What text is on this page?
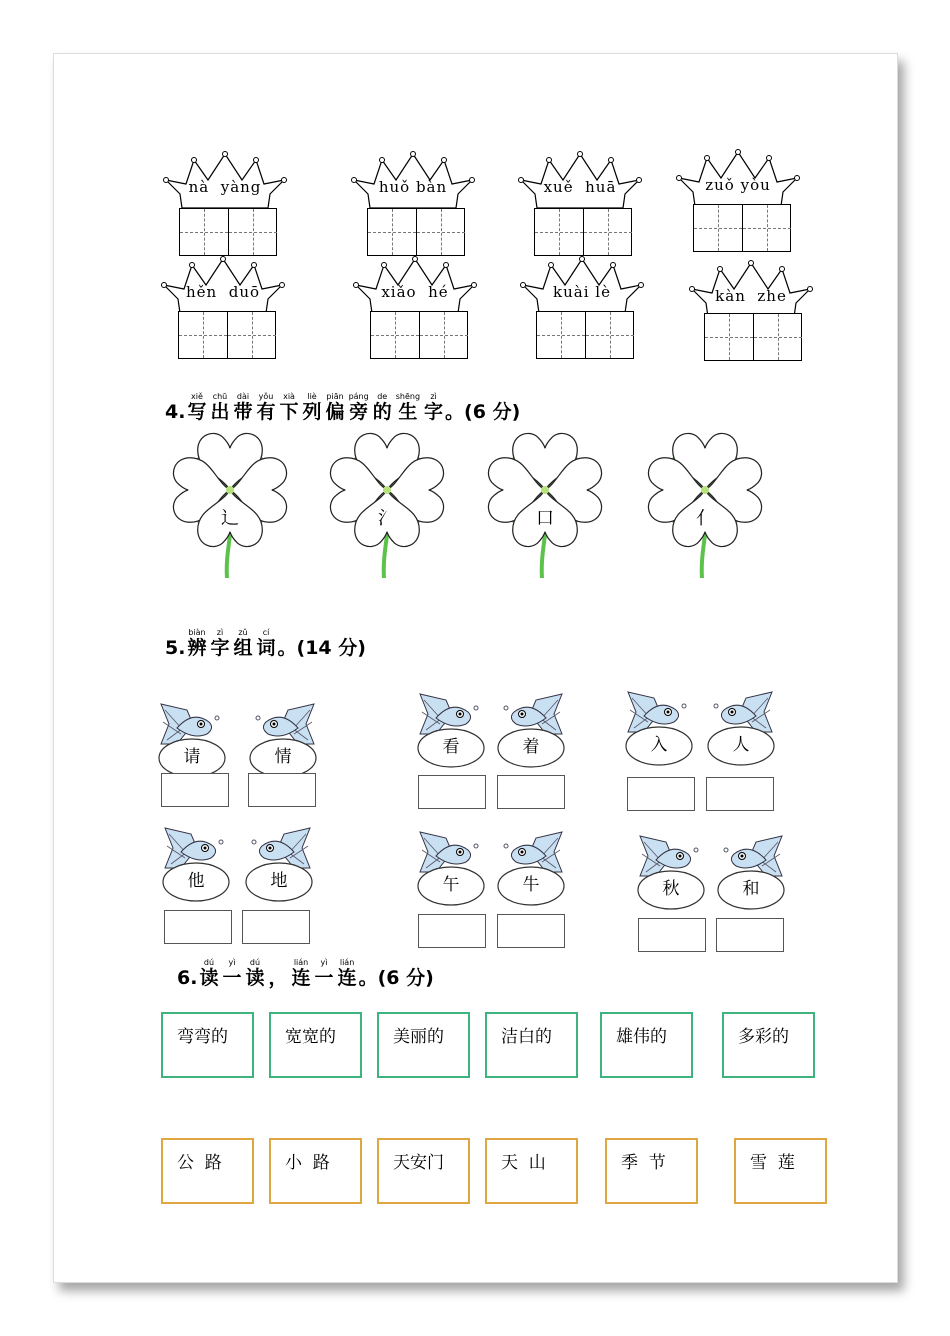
nà  yàng	huǒ bàn	xuě  huā	zuǒ yòu
hěn  duō	xiǎo  hé	kuài lè	kàn  zhe
4.
xiě
写
chū
出
dài
带
yǒu
有
xià
下
liè
列
piān
偏
páng
旁
de
的
shēng
生
zì
字 。(6 分)
辶	氵	口	亻
5.
biàn
辨
zì
字
zǔ
组
cí
词 。(14 分)
请	情	看	着	入	人
他	地	午	牛	秋	和
6.
dú
读
yì
一
dú
读
，
lián
连
yì
一
lián
连 。(6 分)
弯弯的	宽宽的	美丽的	洁白的	雄伟的	多彩的
公  路	小  路	天安门	天  山	季  节	雪  莲
